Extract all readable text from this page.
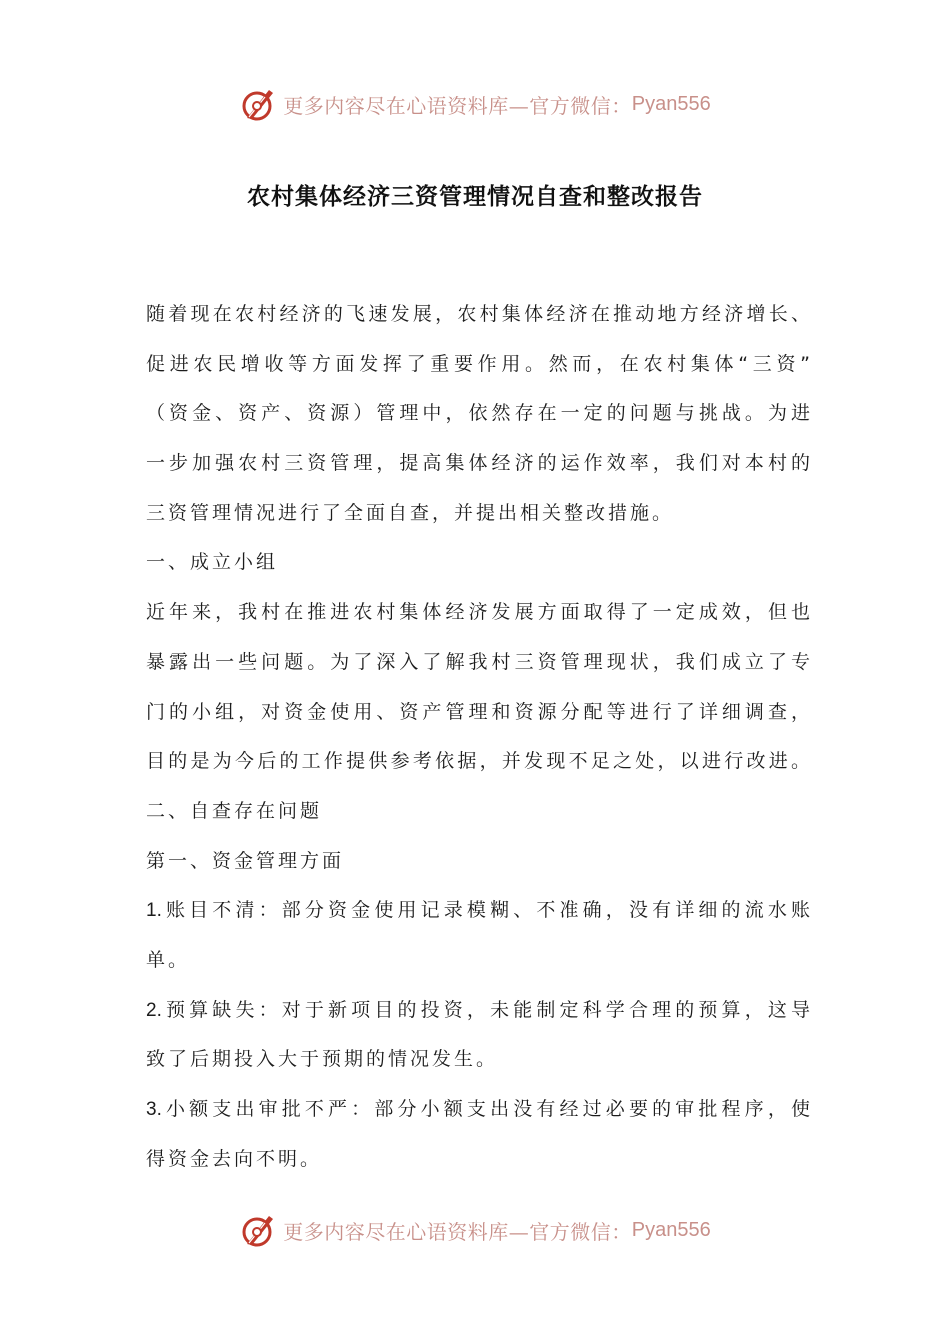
更多内容尽在心语资料库—官方微信： Pyan556
农村集体经济三资管理情况自查和整改报告
随着现在农村经济的飞速发展，农村集体经济在推动地方经济增长、
促进农民增收等方面发挥了重要作用。然而，在农村集体“三资”
（资金、资产、资源）管理中，依然存在一定的问题与挑战。为进
一步加强农村三资管理，提高集体经济的运作效率，我们对本村的
三资管理情况进行了全面自查，并提出相关整改措施。
一、成立小组
近年来，我村在推进农村集体经济发展方面取得了一定成效，但也
暴露出一些问题。为了深入了解我村三资管理现状，我们成立了专
门的小组，对资金使用、资产管理和资源分配等进行了详细调查，
目的是为今后的工作提供参考依据，并发现不足之处，以进行改进。
二、自查存在问题
第一、资金管理方面
1.账目不清：部分资金使用记录模糊、不准确，没有详细的流水账
单。
2.预算缺失：对于新项目的投资，未能制定科学合理的预算，这导
致了后期投入大于预期的情况发生。
3.小额支出审批不严：部分小额支出没有经过必要的审批程序，使
得资金去向不明。
更多内容尽在心语资料库—官方微信： Pyan556
